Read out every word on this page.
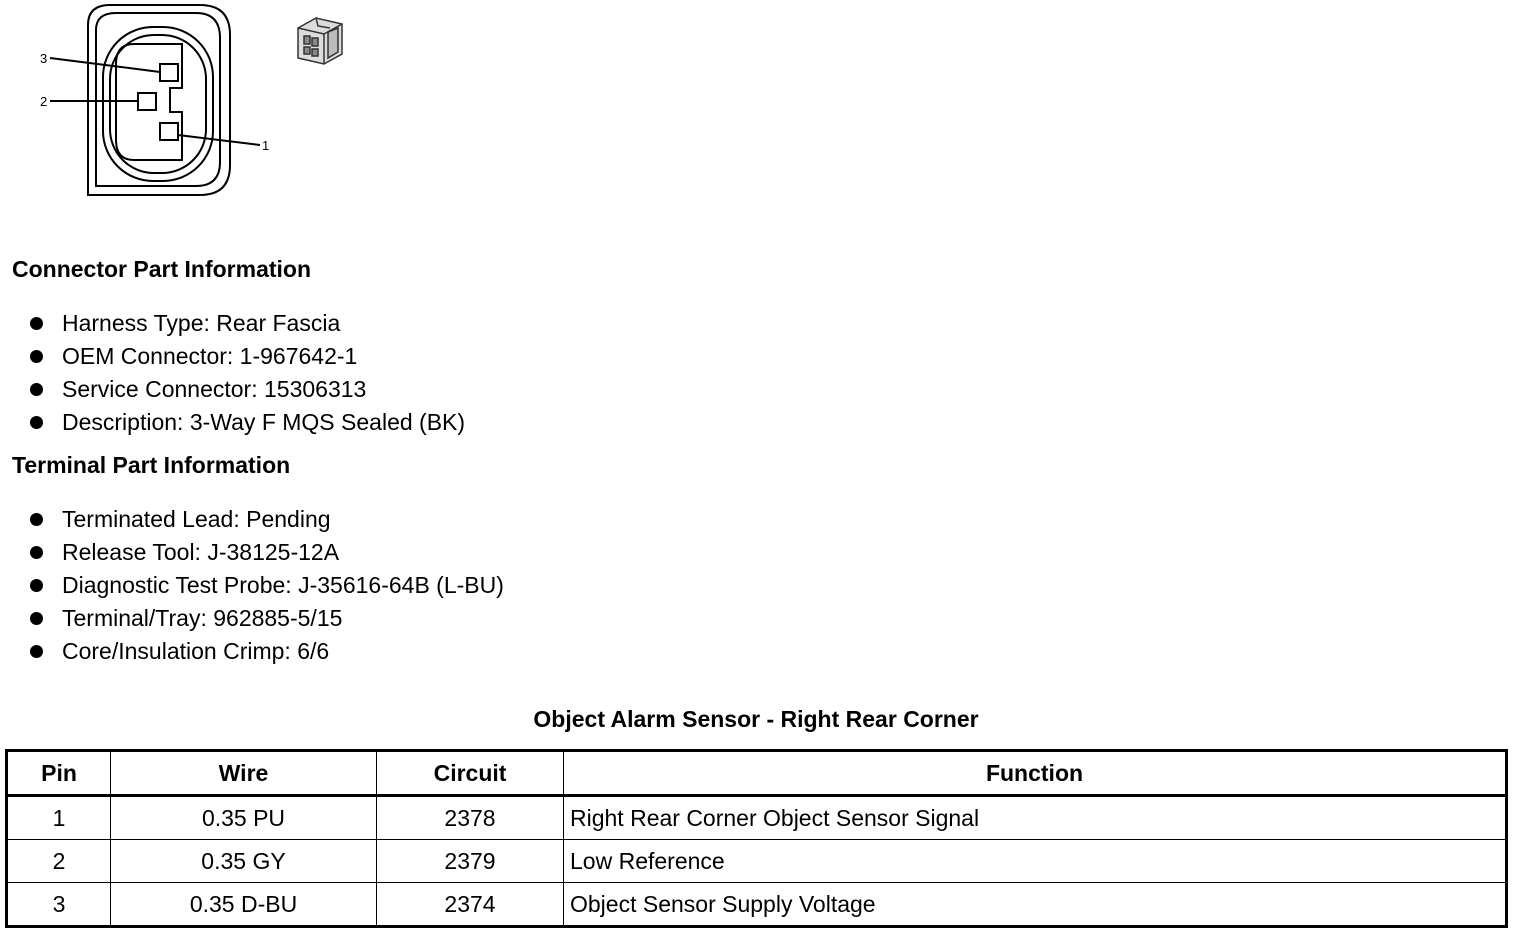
3
2
1
Connector Part Information
Harness Type: Rear Fascia
OEM Connector: 1-967642-1
Service Connector: 15306313
Description: 3-Way F MQS Sealed (BK)
Terminal Part Information
Terminated Lead: Pending
Release Tool: J-38125-12A
Diagnostic Test Probe: J-35616-64B (L-BU)
Terminal/Tray: 962885-5/15
Core/Insulation Crimp: 6/6
Object Alarm Sensor - Right Rear Corner
Pin	Wire	Circuit	Function
1	0.35 PU	2378	Right Rear Corner Object Sensor Signal
2	0.35 GY	2379	Low Reference
3	0.35 D-BU	2374	Object Sensor Supply Voltage
